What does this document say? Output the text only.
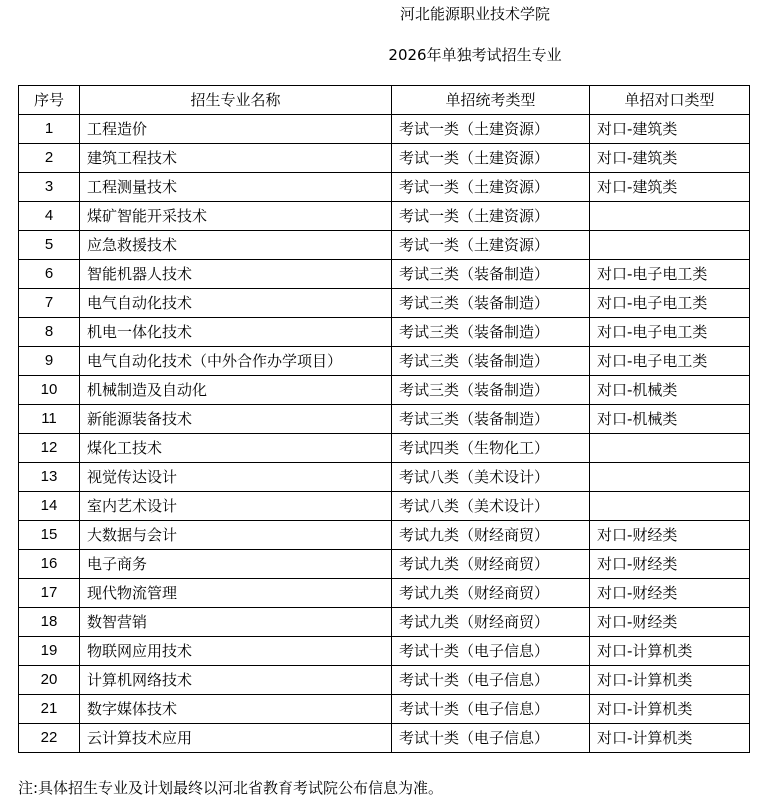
河北能源职业技术学院
2026年单独考试招生专业
序号	招生专业名称	单招统考类型	单招对口类型
1	工程造价	考试一类（土建资源）	对口-建筑类
2	建筑工程技术	考试一类（土建资源）	对口-建筑类
3	工程测量技术	考试一类（土建资源）	对口-建筑类
4	煤矿智能开采技术	考试一类（土建资源）	
5	应急救援技术	考试一类（土建资源）	
6	智能机器人技术	考试三类（装备制造）	对口-电子电工类
7	电气自动化技术	考试三类（装备制造）	对口-电子电工类
8	机电一体化技术	考试三类（装备制造）	对口-电子电工类
9	电气自动化技术（中外合作办学项目）	考试三类（装备制造）	对口-电子电工类
10	机械制造及自动化	考试三类（装备制造）	对口-机械类
11	新能源装备技术	考试三类（装备制造）	对口-机械类
12	煤化工技术	考试四类（生物化工）	
13	视觉传达设计	考试八类（美术设计）	
14	室内艺术设计	考试八类（美术设计）	
15	大数据与会计	考试九类（财经商贸）	对口-财经类
16	电子商务	考试九类（财经商贸）	对口-财经类
17	现代物流管理	考试九类（财经商贸）	对口-财经类
18	数智营销	考试九类（财经商贸）	对口-财经类
19	物联网应用技术	考试十类（电子信息）	对口-计算机类
20	计算机网络技术	考试十类（电子信息）	对口-计算机类
21	数字媒体技术	考试十类（电子信息）	对口-计算机类
22	云计算技术应用	考试十类（电子信息）	对口-计算机类
注:具体招生专业及计划最终以河北省教育考试院公布信息为准。
